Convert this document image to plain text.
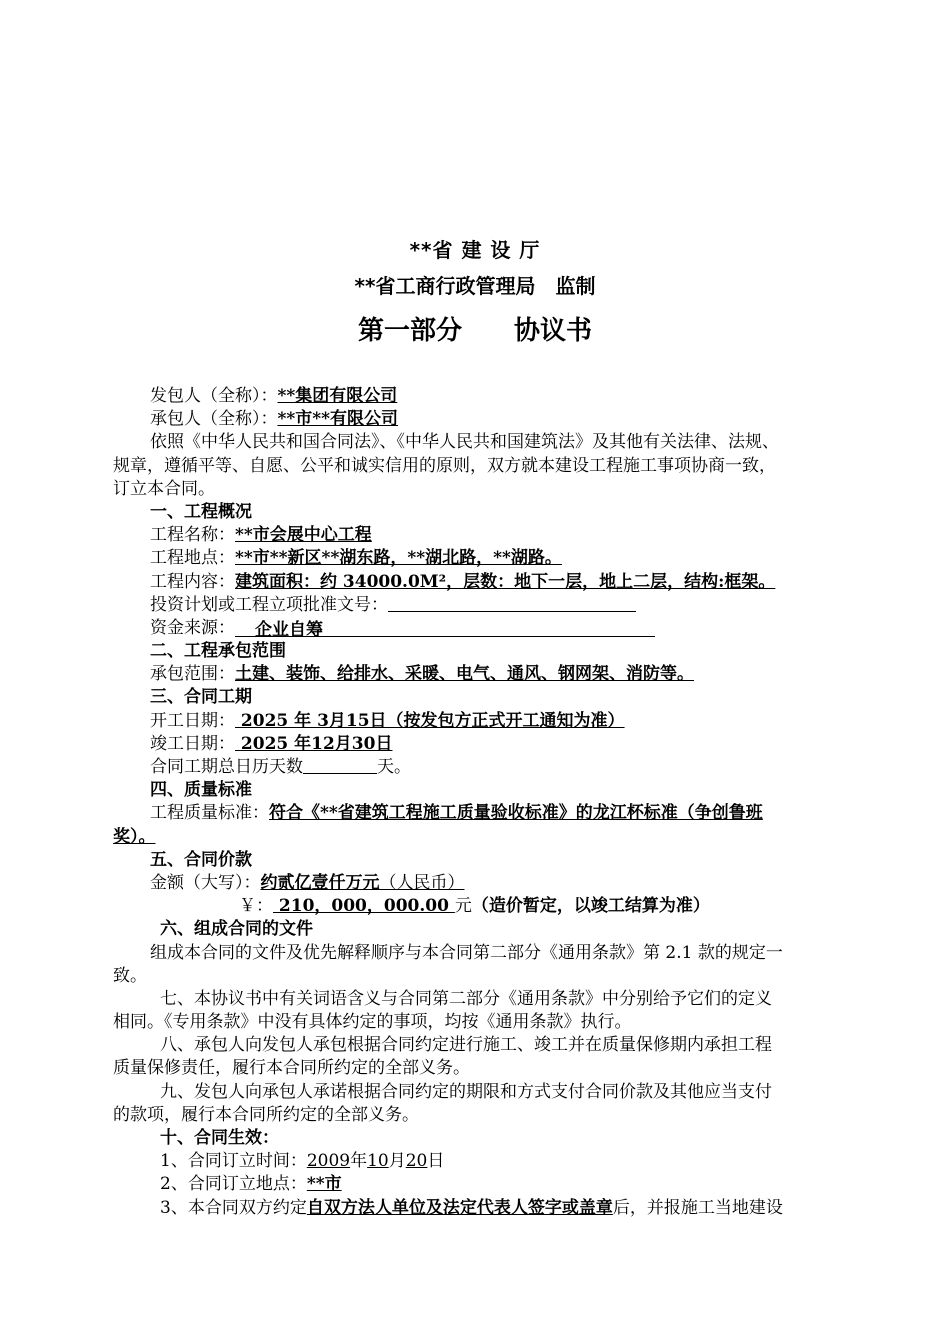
**省 建 设 厅
**省工商行政管理局　监制
第一部分　　协议书
发包人（全称）：**集团有限公司
承包人（全称）：**市**有限公司
依照《中华人民共和国合同法》、《中华人民共和国建筑法》及其他有关法律、法规、
规章，遵循平等、自愿、公平和诚实信用的原则，双方就本建设工程施工事项协商一致，
订立本合同。
一、工程概况
工程名称：**市会展中心工程
工程地点：**市**新区**湖东路，**湖北路，**湖路。
工程内容：建筑面积：约 34000.0M²，层数：地下一层，地上二层，结构:框架。
投资计划或工程立项批准文号：
资金来源： 企业自筹
二、工程承包范围
承包范围：土建、装饰、给排水、采暖、电气、通风、钢网架、消防等。
三、合同工期
开工日期： 2025 年 3月15日（按发包方正式开工通知为准）
竣工日期： 2025 年12月30日
合同工期总日历天数	天。
四、质量标准
工程质量标准：符合《**省建筑工程施工质量验收标准》的龙江杯标准（争创鲁班
奖）。
五、合同价款
金额（大写）：约贰亿壹仟万元（人民币）
￥： 210，000，000.00 元（造价暂定，以竣工结算为准）
六、组成合同的文件
组成本合同的文件及优先解释顺序与本合同第二部分《通用条款》第 2.1 款的规定一
致。
七、本协议书中有关词语含义与合同第二部分《通用条款》中分别给予它们的定义
相同。《专用条款》中没有具体约定的事项，均按《通用条款》执行。
八、承包人向发包人承包根据合同约定进行施工、竣工并在质量保修期内承担工程
质量保修责任，履行本合同所约定的全部义务。
九、发包人向承包人承诺根据合同约定的期限和方式支付合同价款及其他应当支付
的款项，履行本合同所约定的全部义务。
十、合同生效：
1、合同订立时间：2009年10月20日
2、合同订立地点：**市
3、本合同双方约定自双方法人单位及法定代表人签字或盖章后，并报施工当地建设
